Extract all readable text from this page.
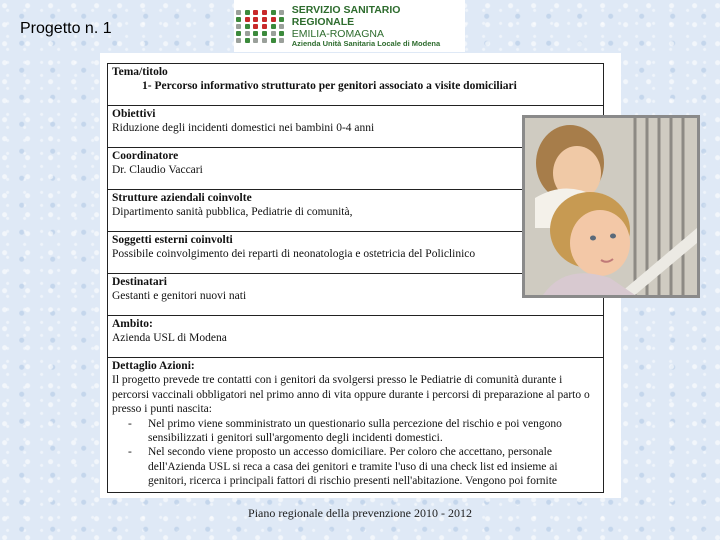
Progetto n. 1
SERVIZIO SANITARIO REGIONALE
EMILIA-ROMAGNA
Azienda Unità Sanitaria Locale di Modena
Tema/titolo
1- Percorso informativo strutturato per genitori associato a visite domiciliari

Obiettivi
Riduzione degli incidenti domestici nei bambini 0-4 anni

Coordinatore
Dr. Claudio Vaccari

Strutture aziendali coinvolte
Dipartimento sanità pubblica, Pediatrie di comunità,

Soggetti esterni coinvolti
Possibile coinvolgimento dei reparti di neonatologia e ostetricia del Policlinico

Destinatari
Gestanti e genitori nuovi nati

Ambito:
Azienda USL di Modena

Dettaglio Azioni:
Il progetto prevede tre contatti con i genitori da svolgersi presso le Pediatrie di comunità durante i percorsi vaccinali obbligatori nel primo anno di vita oppure durante i percorsi di preparazione al parto o presso i punti nascita:
- Nel primo viene somministrato un questionario sulla percezione del rischio e poi vengono sensibilizzati i genitori sull'argomento degli incidenti domestici.
- Nel secondo viene proposto un accesso domiciliare. Per coloro che accettano, personale dell'Azienda USL si reca a casa dei genitori e tramite l'uso di una check list ed insieme ai genitori, ricerca i principali fattori di rischio presenti nell'abitazione. Vengono poi fornite
Piano regionale della prevenzione 2010 - 2012
